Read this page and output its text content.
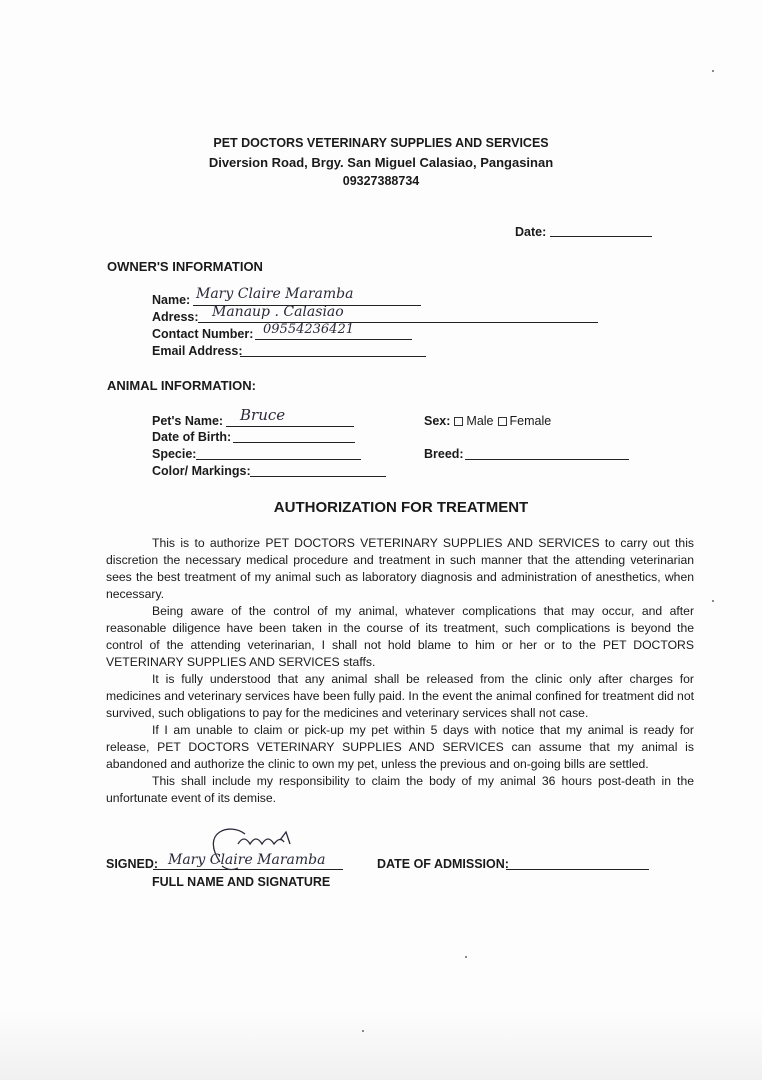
PET DOCTORS VETERINARY SUPPLIES AND SERVICES
Diversion Road, Brgy. San Miguel Calasiao, Pangasinan
09327388734
Date:
OWNER'S INFORMATION
Name: Mary Claire Maramba
Adress: Manaup . Calasiao
Contact Number: 09554236421
Email Address:
ANIMAL INFORMATION:
Pet's Name: Bruce
Date of Birth:
Specie:
Color/ Markings:
Sex: Male Female
Breed:
AUTHORIZATION FOR TREATMENT

This is to authorize PET DOCTORS VETERINARY SUPPLIES AND SERVICES to carry out this discretion the necessary medical procedure and treatment in such manner that the attending veterinarian sees the best treatment of my animal such as laboratory diagnosis and administration of anesthetics, when necessary.

Being aware of the control of my animal, whatever complications that may occur, and after reasonable diligence have been taken in the course of its treatment, such complications is beyond the control of the attending veterinarian, I shall not hold blame to him or her or to the PET DOCTORS VETERINARY SUPPLIES AND SERVICES staffs.

It is fully understood that any animal shall be released from the clinic only after charges for medicines and veterinary services have been fully paid. In the event the animal confined for treatment did not survived, such obligations to pay for the medicines and veterinary services shall not case.

If I am unable to claim or pick-up my pet within 5 days with notice that my animal is ready for release, PET DOCTORS VETERINARY SUPPLIES AND SERVICES can assume that my animal is abandoned and authorize the clinic to own my pet, unless the previous and on-going bills are settled.

This shall include my responsibility to claim the body of my animal 36 hours post-death in the unfortunate event of its demise.

SIGNED: Mary Claire Maramba
FULL NAME AND SIGNATURE
DATE OF ADMISSION:
